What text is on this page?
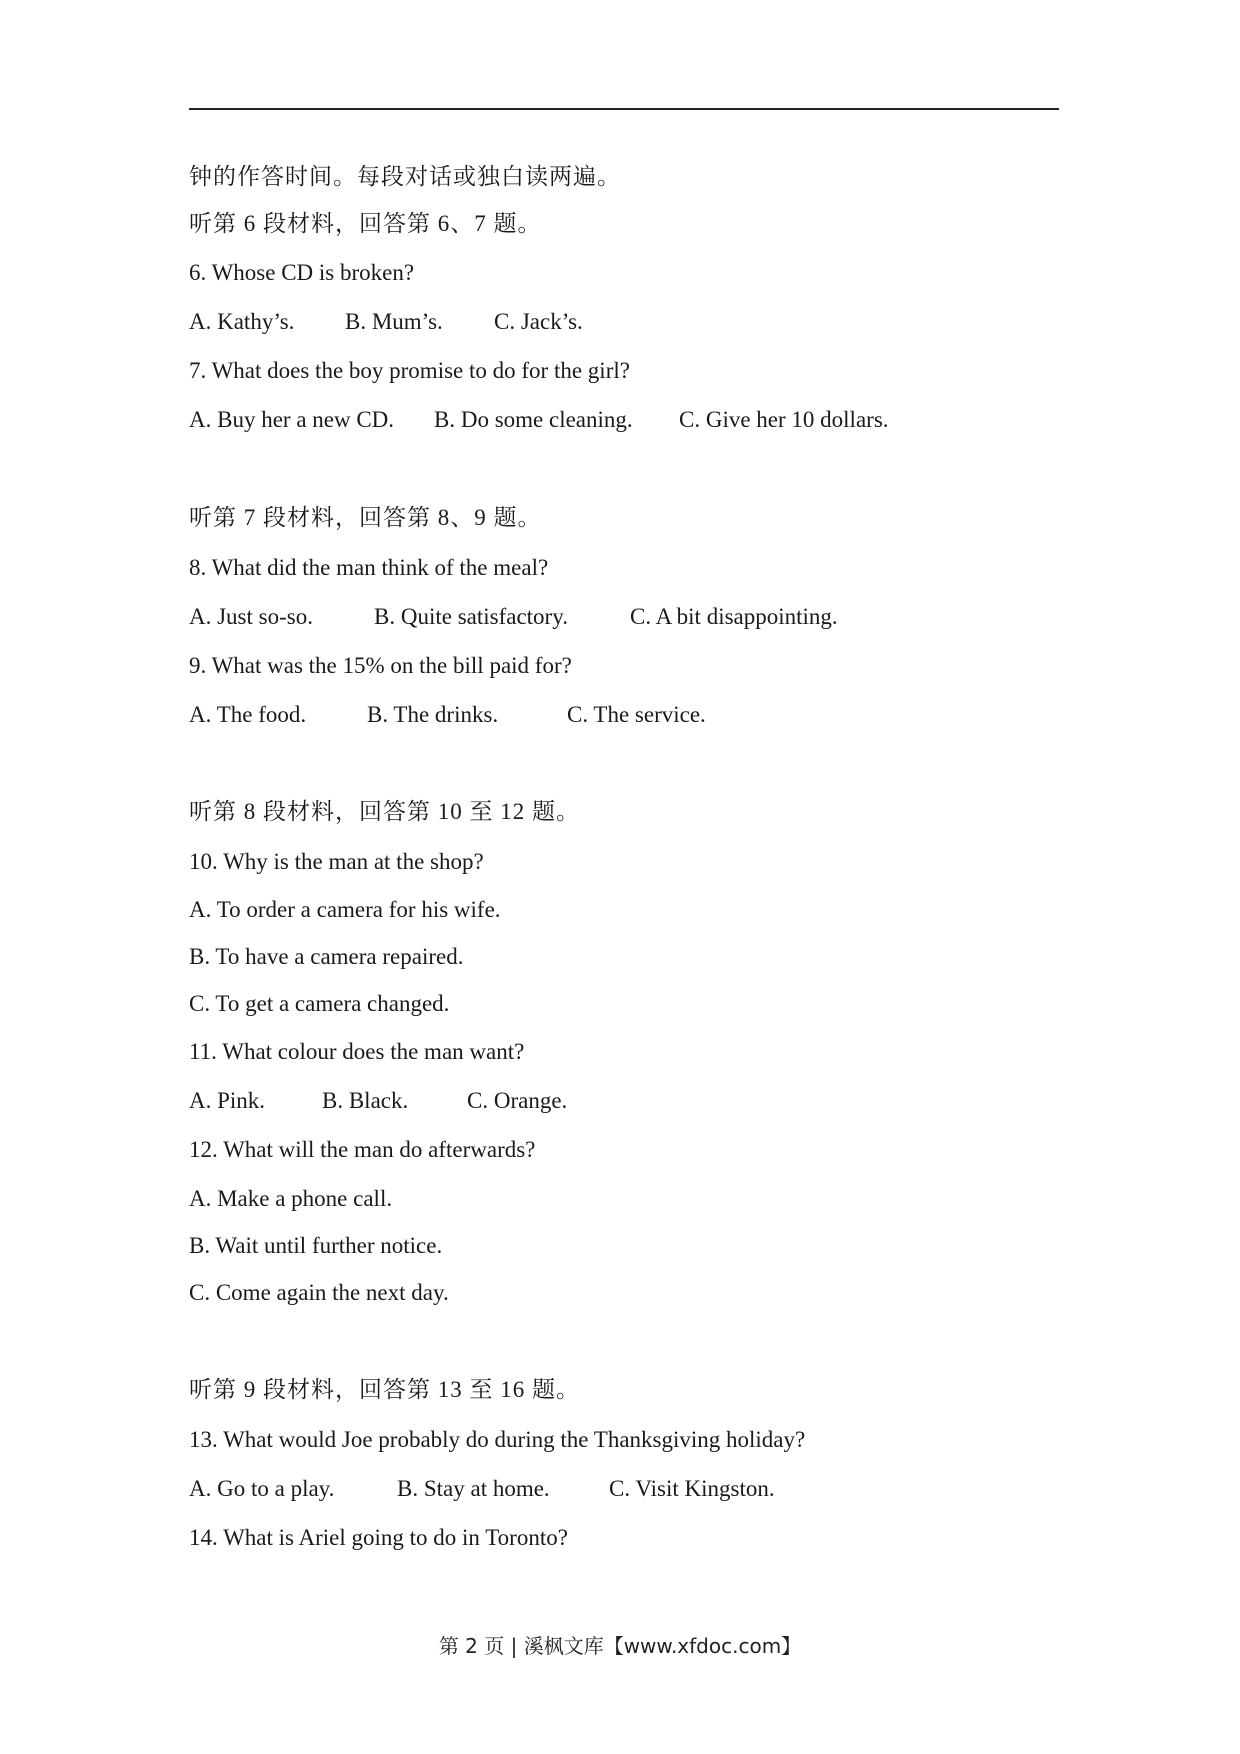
钟的作答时间。每段对话或独白读两遍。
听第 6 段材料，回答第 6、7 题。
6. Whose CD is broken?
A. Kathy’s. B. Mum’s. C. Jack’s.
7. What does the boy promise to do for the girl?
A. Buy her a new CD. B. Do some cleaning. C. Give her 10 dollars.
听第 7 段材料，回答第 8、9 题。
8. What did the man think of the meal?
A. Just so-so.	B. Quite satisfactory.	C. A bit disappointing.
9. What was the 15% on the bill paid for?
A. The food.	B. The drinks.	C. The service.
听第 8 段材料，回答第 10 至 12 题。
10. Why is the man at the shop?
A. To order a camera for his wife.
B. To have a camera repaired.
C. To get a camera changed.
11. What colour does the man want?
A. Pink. B. Black.	C. Orange.
12. What will the man do afterwards?
A. Make a phone call.
B. Wait until further notice.
C. Come again the next day.
听第 9 段材料，回答第 13 至 16 题。
13. What would Joe probably do during the Thanksgiving holiday?
A. Go to a play.	B. Stay at home.	C. Visit Kingston.
14. What is Ariel going to do in Toronto?
第 2 页 | 溪枫文库【www.xfdoc.com】
